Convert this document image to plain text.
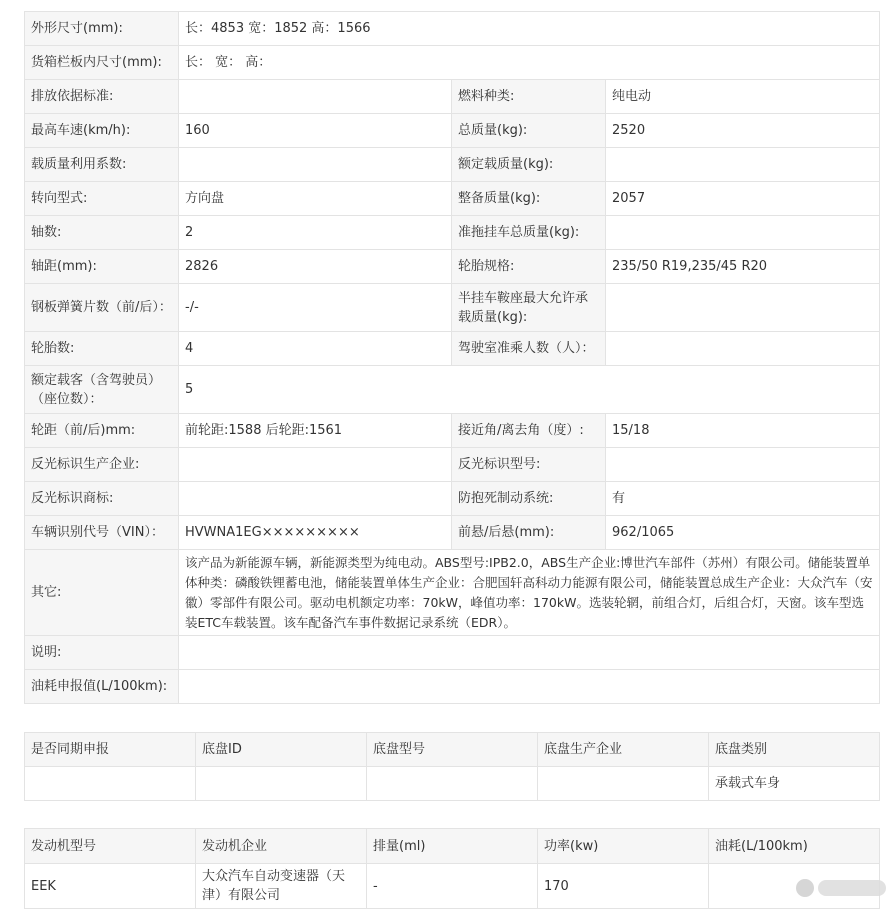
外形尺寸(mm):	长：4853 宽：1852 高：1566		
货箱栏板内尺寸(mm):	长： 宽： 高：		
排放依据标准:		燃料种类:	纯电动
最高车速(km/h):	160	总质量(kg):	2520
载质量利用系数:		额定载质量(kg):	
转向型式:	方向盘	整备质量(kg):	2057
轴数:	2	准拖挂车总质量(kg):	
轴距(mm):	2826	轮胎规格:	235/50 R19,235/45 R20
钢板弹簧片数（前/后）：	-/-	半挂车鞍座最大允许承载质量(kg):	
轮胎数:	4	驾驶室准乘人数（人）：	
额定载客（含驾驶员）（座位数）：	5		
轮距（前/后)mm:	前轮距:1588 后轮距:1561	接近角/离去角（度）:	15/18
反光标识生产企业:		反光标识型号:	
反光标识商标:		防抱死制动系统:	有
车辆识别代号（VIN）：	HVWNA1EG×××××××××	前悬/后悬(mm):	962/1065
其它:	该产品为新能源车辆，新能源类型为纯电动。ABS型号:IPB2.0，ABS生产企业:博世汽车部件（苏州）有限公司。储能装置单体种类：磷酸铁锂蓄电池，储能装置单体生产企业：合肥国轩高科动力能源有限公司，储能装置总成生产企业：大众汽车（安徽）零部件有限公司。驱动电机额定功率：70kW，峰值功率：170kW。选装轮辋，前组合灯，后组合灯，天窗。该车型选装ETC车载装置。该车配备汽车事件数据记录系统（EDR）。		
说明:			
油耗申报值(L/100km):			
是否同期申报	底盘ID	底盘型号	底盘生产企业	底盘类别
				承载式车身
发动机型号	发动机企业	排量(ml)	功率(kw)	油耗(L/100km)
EEK	大众汽车自动变速器（天津）有限公司	-	170	
